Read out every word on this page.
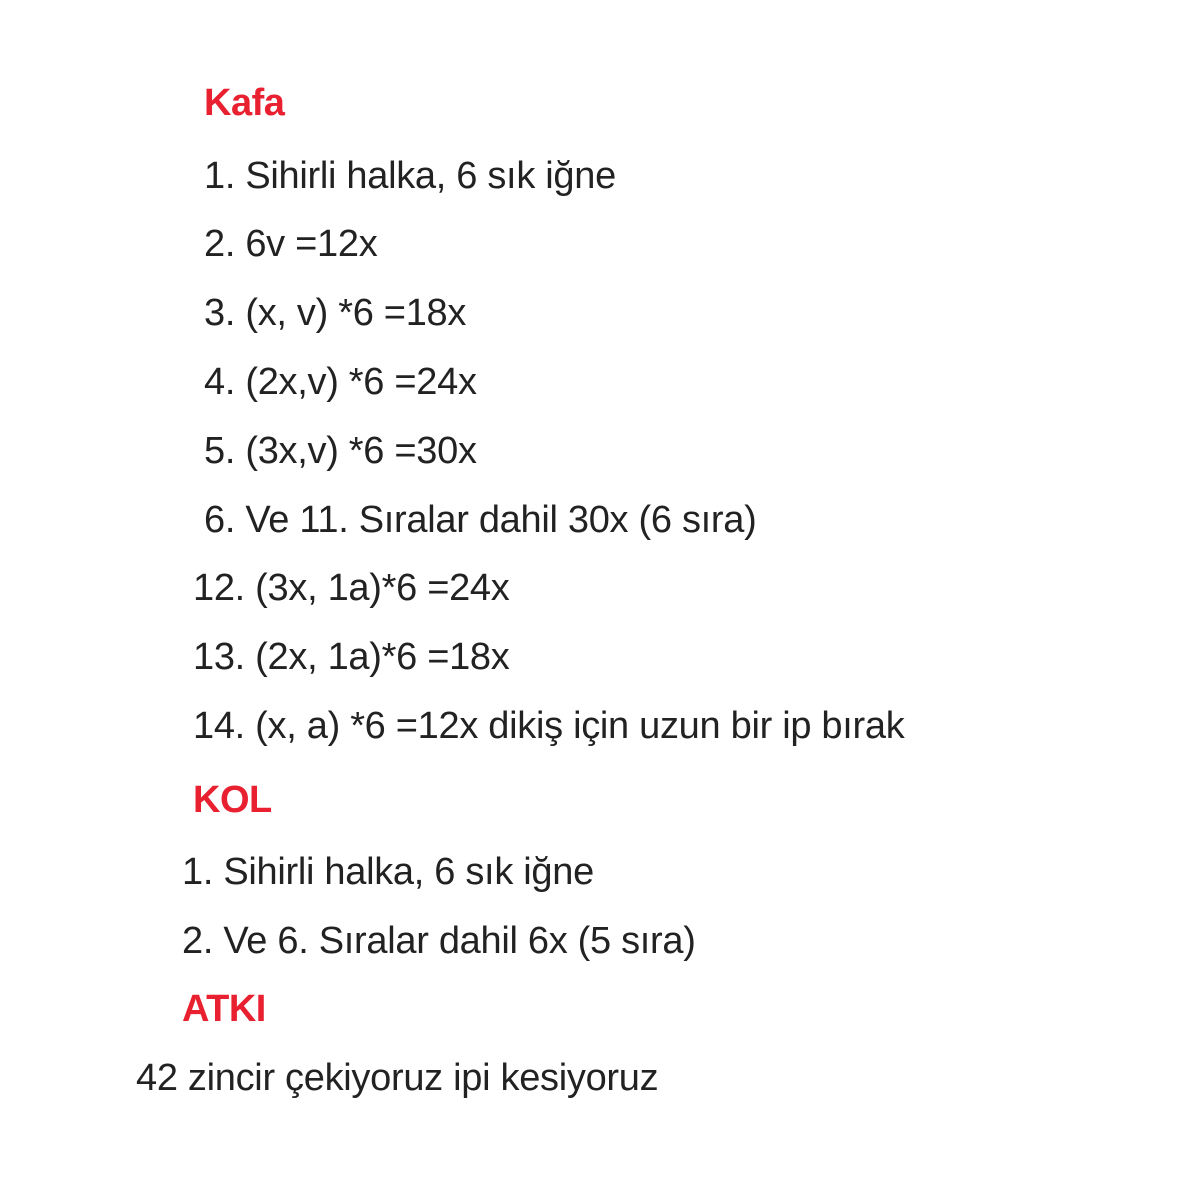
Kafa
1. Sihirli halka, 6 sık iğne
2. 6v =12x
3. (x, v) *6 =18x
4. (2x,v) *6 =24x
5. (3x,v) *6 =30x
6. Ve 11. Sıralar dahil 30x (6 sıra)
12. (3x, 1a)*6 =24x
13. (2x, 1a)*6 =18x
14. (x, a) *6 =12x dikiş için uzun bir ip bırak
KOL
1. Sihirli halka, 6 sık iğne
2. Ve 6. Sıralar dahil 6x (5 sıra)
ATKI
42 zincir çekiyoruz ipi kesiyoruz
